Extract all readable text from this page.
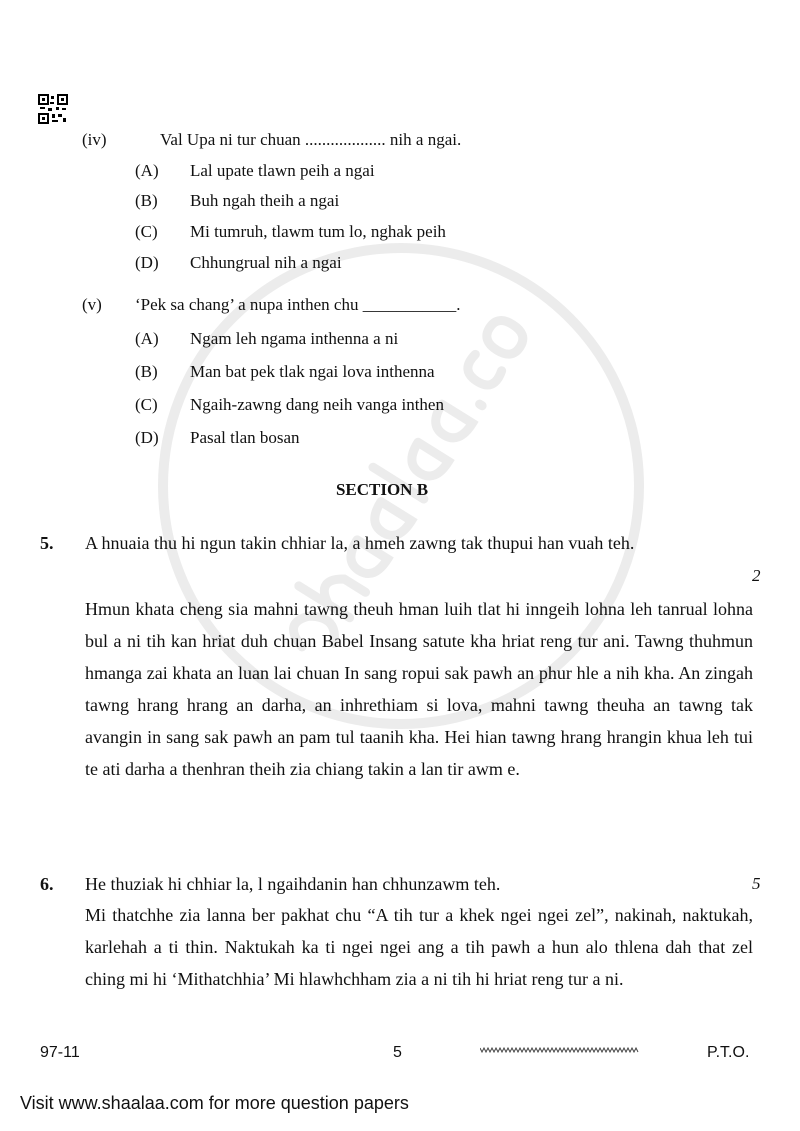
(iv)	Val Upa ni tur chuan ................... nih a ngai.
(A) Lal upate tlawn peih a ngai
(B) Buh ngah theih a ngai
(C) Mi tumruh, tlawm tum lo, nghak peih
(D) Chhungrual nih a ngai
(v) ‘Pek sa chang’ a nupa inthen chu ___________.
(A) Ngam leh ngama inthenna a ni
(B) Man bat pek tlak ngai lova inthenna
(C) Ngaih-zawng dang neih vanga inthen
(D) Pasal tlan bosan
SECTION B
5. A hnuaia thu hi ngun takin chhiar la, a hmeh zawng tak thupui han vuah teh.
2
Hmun khata cheng sia mahni tawng theuh hman luih tlat hi inngeih lohna leh tanrual lohna bul a ni tih kan hriat duh chuan Babel Insang satute kha hriat reng tur ani. Tawng thuhmun hmanga zai khata an luan lai chuan In sang ropui sak pawh an phur hle a nih kha. An zingah tawng hrang hrang an darha, an inhrethiam si lova, mahni tawng theuha an tawng tak avangin in sang sak pawh an pam tul taanih kha. Hei hian tawng hrang hrangin khua leh tui te ati darha a thenhran theih zia chiang takin a lan tir awm e.
6. He thuziak hi chhiar la, l ngaihdanin han chhunzawm teh.	5
Mi thatchhe zia lanna ber pakhat chu “A tih tur a khek ngei ngei zel”, nakinah, naktukah, karlehah a ti thin. Naktukah ka ti ngei ngei ang a tih pawh a hun alo thlena dah that zel ching mi hi ‘Mithatchhia’ Mi hlawhchham zia a ni tih hi hriat reng tur a ni.
97-11	5	P.T.O.
Visit www.shaalaa.com for more question papers
